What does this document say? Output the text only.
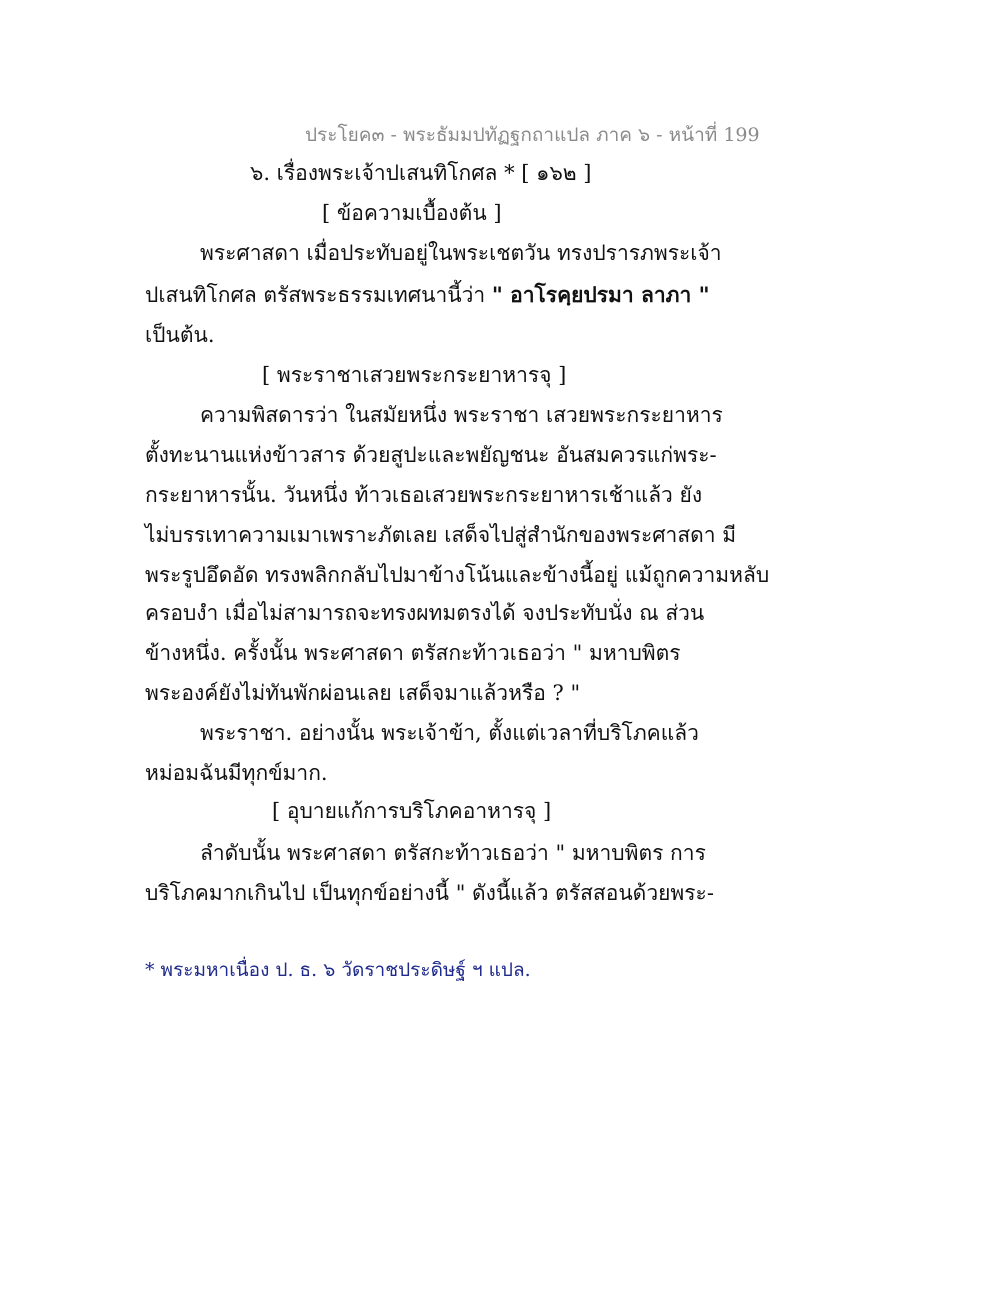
ประโยค๓ - พระธัมมปทัฏฐกถาแปล ภาค ๖ - หน้าที่ 199
๖. เรื่องพระเจ้าปเสนทิโกศล * [ ๑๖๒ ]
[ ข้อความเบื้องต้น ]
พระศาสดา เมื่อประทับอยู่ในพระเชตวัน ทรงปรารภพระเจ้า
ปเสนทิโกศล ตรัสพระธรรมเทศนานี้ว่า " อาโรคฺยปรมา ลาภา "
เป็นต้น.
[ พระราชาเสวยพระกระยาหารจุ ]
ความพิสดารว่า ในสมัยหนึ่ง พระราชา เสวยพระกระยาหาร
ตั้งทะนานแห่งข้าวสาร ด้วยสูปะและพยัญชนะ อันสมควรแก่พระ-
กระยาหารนั้น. วันหนึ่ง ท้าวเธอเสวยพระกระยาหารเช้าแล้ว ยัง
ไม่บรรเทาความเมาเพราะภัตเลย เสด็จไปสู่สำนักของพระศาสดา มี
พระรูปอึดอัด ทรงพลิกกลับไปมาข้างโน้นและข้างนี้อยู่ แม้ถูกความหลับ
ครอบงำ เมื่อไม่สามารถจะทรงผทมตรงได้ จงประทับนั่ง ณ ส่วน
ข้างหนึ่ง. ครั้งนั้น พระศาสดา ตรัสกะท้าวเธอว่า " มหาบพิตร
พระองค์ยังไม่ทันพักผ่อนเลย เสด็จมาแล้วหรือ ? "
พระราชา. อย่างนั้น พระเจ้าข้า, ตั้งแต่เวลาที่บริโภคแล้ว
หม่อมฉันมีทุกข์มาก.
[ อุบายแก้การบริโภคอาหารจุ ]
ลำดับนั้น พระศาสดา ตรัสกะท้าวเธอว่า " มหาบพิตร การ
บริโภคมากเกินไป เป็นทุกข์อย่างนี้ " ดังนี้แล้ว ตรัสสอนด้วยพระ-
* พระมหาเนื่อง ป. ธ. ๖ วัดราชประดิษฐ์ ฯ แปล.
